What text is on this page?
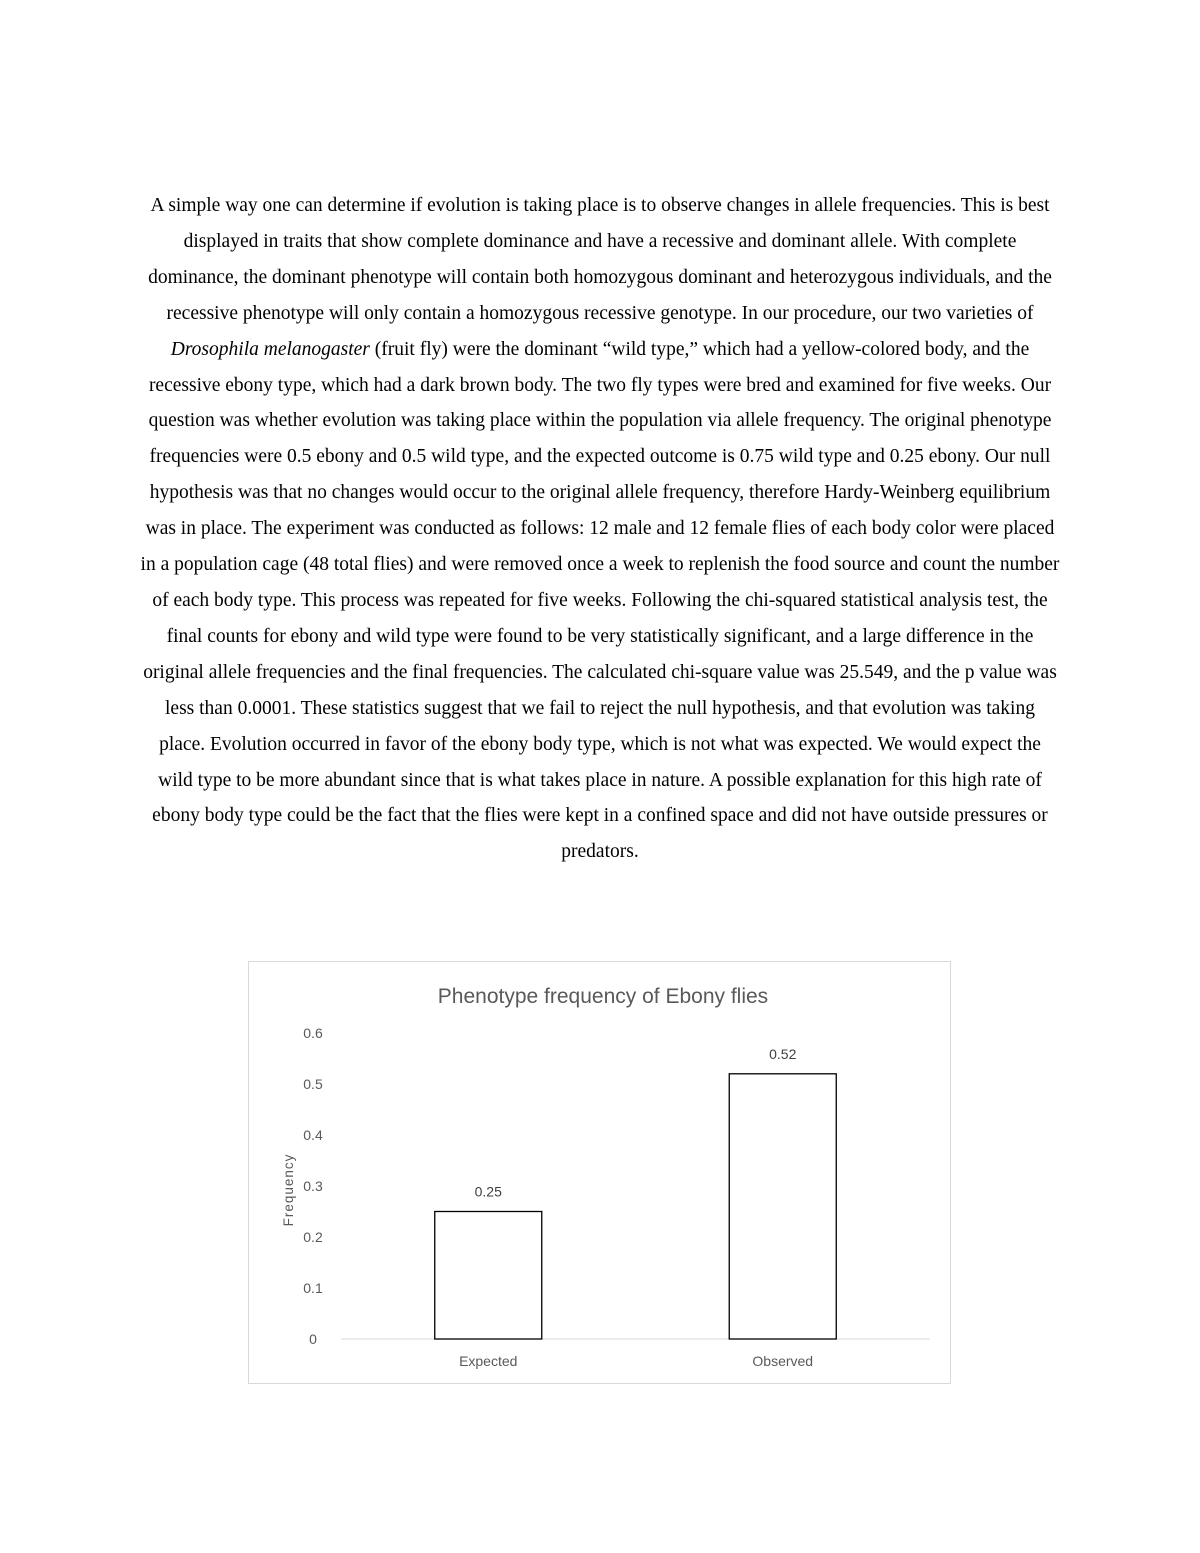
A simple way one can determine if evolution is taking place is to observe changes in allele frequencies. This is best displayed in traits that show complete dominance and have a recessive and dominant allele. With complete dominance, the dominant phenotype will contain both homozygous dominant and heterozygous individuals, and the recessive phenotype will only contain a homozygous recessive genotype. In our procedure, our two varieties of Drosophila melanogaster (fruit fly) were the dominant “wild type,” which had a yellow-colored body, and the recessive ebony type, which had a dark brown body. The two fly types were bred and examined for five weeks. Our question was whether evolution was taking place within the population via allele frequency. The original phenotype frequencies were 0.5 ebony and 0.5 wild type, and the expected outcome is 0.75 wild type and 0.25 ebony. Our null hypothesis was that no changes would occur to the original allele frequency, therefore Hardy-Weinberg equilibrium was in place. The experiment was conducted as follows: 12 male and 12 female flies of each body color were placed in a population cage (48 total flies) and were removed once a week to replenish the food source and count the number of each body type. This process was repeated for five weeks. Following the chi-squared statistical analysis test, the final counts for ebony and wild type were found to be very statistically significant, and a large difference in the original allele frequencies and the final frequencies. The calculated chi-square value was 25.549, and the p value was less than 0.0001. These statistics suggest that we fail to reject the null hypothesis, and that evolution was taking place. Evolution occurred in favor of the ebony body type, which is not what was expected. We would expect the wild type to be more abundant since that is what takes place in nature. A possible explanation for this high rate of ebony body type could be the fact that the flies were kept in a confined space and did not have outside pressures or predators.

Phenotype frequency of Ebony flies
Frequency
0
0.1
0.2
0.3
0.4
0.5
0.6
0.25
0.52
Expected	Observed
